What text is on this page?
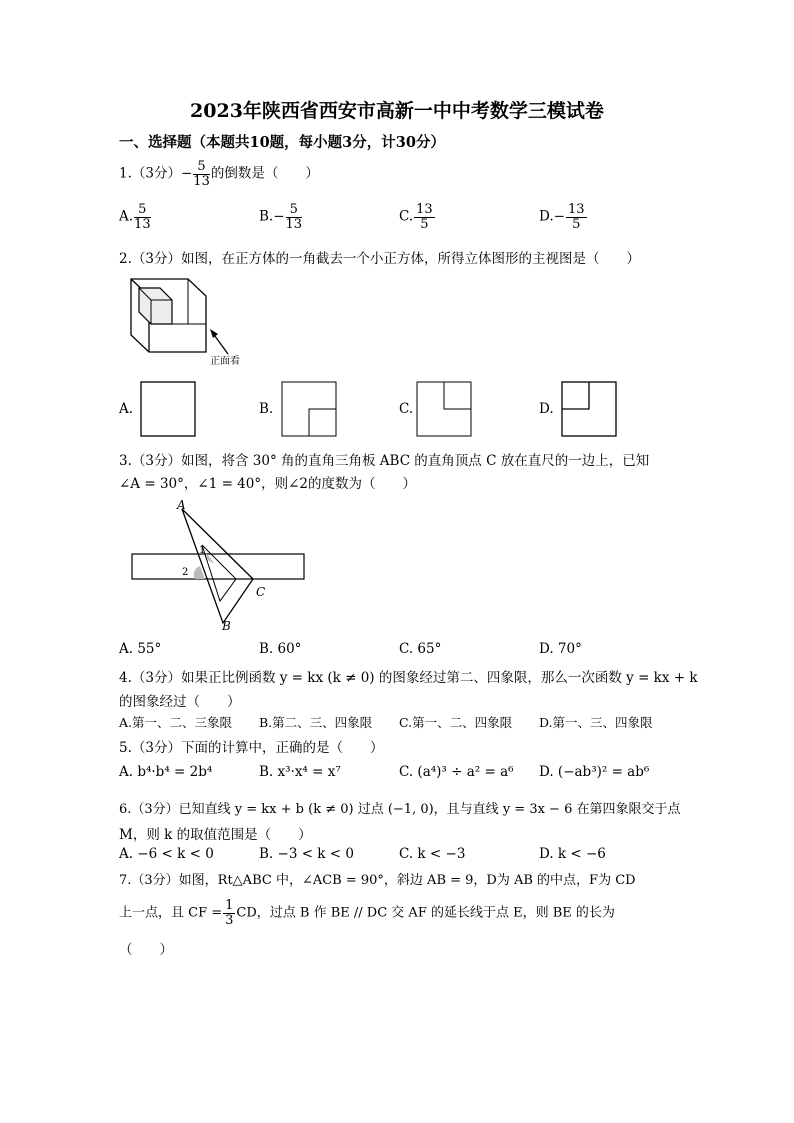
2023年陕西省西安市高新一中中考数学三模试卷
一、选择题（本题共10题，每小题3分，计30分）
1.（3分）− $\frac{5}{13}$ 的倒数是（　　）
A. $\frac{5}{13}$	$B.- \frac{5}{13}$	C. $\frac{13}{5}$	$D.- \frac{13}{5}$
2.（3分）如图，在正方体的一角截去一个小正方体，所得立体图形的主视图是（　　）
正面看
A.	B.	C.	D.
3.（3分）如图，将含 30° 角的直角三角板 ABC 的直角顶点 C 放在直尺的一边上，已知
∠A = 30°，∠1 = 40°，则∠2的度数为（　　）
A
B
C
1
2
A. 55°	B. 60°	C. 65°	D. 70°
4.（3分）如果正比例函数 y = kx (k ≠ 0) 的图象经过第二、四象限，那么一次函数 y = kx + k
的图象经过（　　）
A.第一、二、三象限 B.第二、三、四象限 C.第一、二、四象限 D.第一、三、四象限
5.（3分）下面的计算中，正确的是（　　）
A. b⁴·b⁴ = 2b⁴	B. x³·x⁴ = x⁷	C. (a⁴)³ ÷ a² = a⁶ D. (−ab³)² = ab⁶
6.（3分）已知直线 y = kx + b (k ≠ 0) 过点 (−1, 0)，且与直线 y = 3x − 6 在第四象限交于点
M，则 k 的取值范围是（　　）
A. −6 < k < 0	B. −3 < k < 0	C. k < −3	D. k < −6
7.（3分）如图，Rt△ABC 中，∠ACB = 90°，斜边 AB = 9，D为 AB 的中点，F为 CD
上一点，且 CF = $\frac{1}{3}$ CD，过点 B 作 BE // DC 交 AF 的延长线于点 E，则 BE 的长为
（　　）
